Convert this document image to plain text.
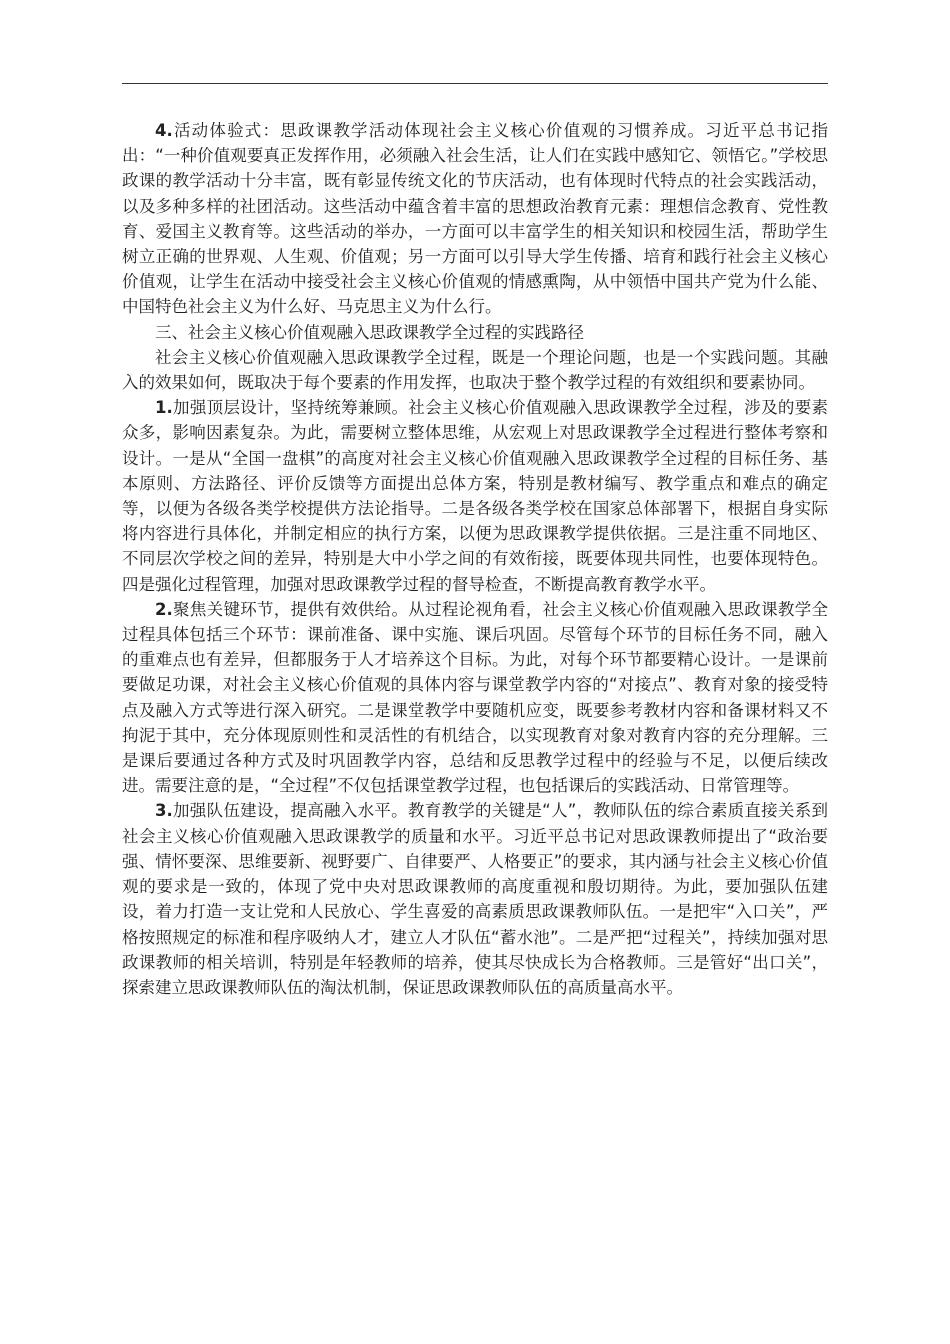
4.活动体验式：思政课教学活动体现社会主义核心价值观的习惯养成。习近平总书记指出：“一种价值观要真正发挥作用，必须融入社会生活，让人们在实践中感知它、领悟它。”学校思政课的教学活动十分丰富，既有彰显传统文化的节庆活动，也有体现时代特点的社会实践活动，以及多种多样的社团活动。这些活动中蕴含着丰富的思想政治教育元素：理想信念教育、党性教育、爱国主义教育等。这些活动的举办，一方面可以丰富学生的相关知识和校园生活，帮助学生树立正确的世界观、人生观、价值观；另一方面可以引导大学生传播、培育和践行社会主义核心价值观，让学生在活动中接受社会主义核心价值观的情感熏陶，从中领悟中国共产党为什么能、中国特色社会主义为什么好、马克思主义为什么行。

三、社会主义核心价值观融入思政课教学全过程的实践路径

社会主义核心价值观融入思政课教学全过程，既是一个理论问题，也是一个实践问题。其融入的效果如何，既取决于每个要素的作用发挥，也取决于整个教学过程的有效组织和要素协同。

1.加强顶层设计，坚持统筹兼顾。社会主义核心价值观融入思政课教学全过程，涉及的要素众多，影响因素复杂。为此，需要树立整体思维，从宏观上对思政课教学全过程进行整体考察和设计。一是从“全国一盘棋”的高度对社会主义核心价值观融入思政课教学全过程的目标任务、基本原则、方法路径、评价反馈等方面提出总体方案，特别是教材编写、教学重点和难点的确定等，以便为各级各类学校提供方法论指导。二是各级各类学校在国家总体部署下，根据自身实际将内容进行具体化，并制定相应的执行方案，以便为思政课教学提供依据。三是注重不同地区、不同层次学校之间的差异，特别是大中小学之间的有效衔接，既要体现共同性，也要体现特色。四是强化过程管理，加强对思政课教学过程的督导检查，不断提高教育教学水平。

2.聚焦关键环节，提供有效供给。从过程论视角看，社会主义核心价值观融入思政课教学全过程具体包括三个环节：课前准备、课中实施、课后巩固。尽管每个环节的目标任务不同，融入的重难点也有差异，但都服务于人才培养这个目标。为此，对每个环节都要精心设计。一是课前要做足功课，对社会主义核心价值观的具体内容与课堂教学内容的“对接点”、教育对象的接受特点及融入方式等进行深入研究。二是课堂教学中要随机应变，既要参考教材内容和备课材料又不拘泥于其中，充分体现原则性和灵活性的有机结合，以实现教育对象对教育内容的充分理解。三是课后要通过各种方式及时巩固教学内容，总结和反思教学过程中的经验与不足，以便后续改进。需要注意的是，“全过程”不仅包括课堂教学过程，也包括课后的实践活动、日常管理等。

3.加强队伍建设，提高融入水平。教育教学的关键是“人”，教师队伍的综合素质直接关系到社会主义核心价值观融入思政课教学的质量和水平。习近平总书记对思政课教师提出了“政治要强、情怀要深、思维要新、视野要广、自律要严、人格要正”的要求，其内涵与社会主义核心价值观的要求是一致的，体现了党中央对思政课教师的高度重视和殷切期待。为此，要加强队伍建设，着力打造一支让党和人民放心、学生喜爱的高素质思政课教师队伍。一是把牢“入口关”，严格按照规定的标准和程序吸纳人才，建立人才队伍“蓄水池”。二是严把“过程关”，持续加强对思政课教师的相关培训，特别是年轻教师的培养，使其尽快成长为合格教师。三是管好“出口关”，探索建立思政课教师队伍的淘汰机制，保证思政课教师队伍的高质量高水平。
